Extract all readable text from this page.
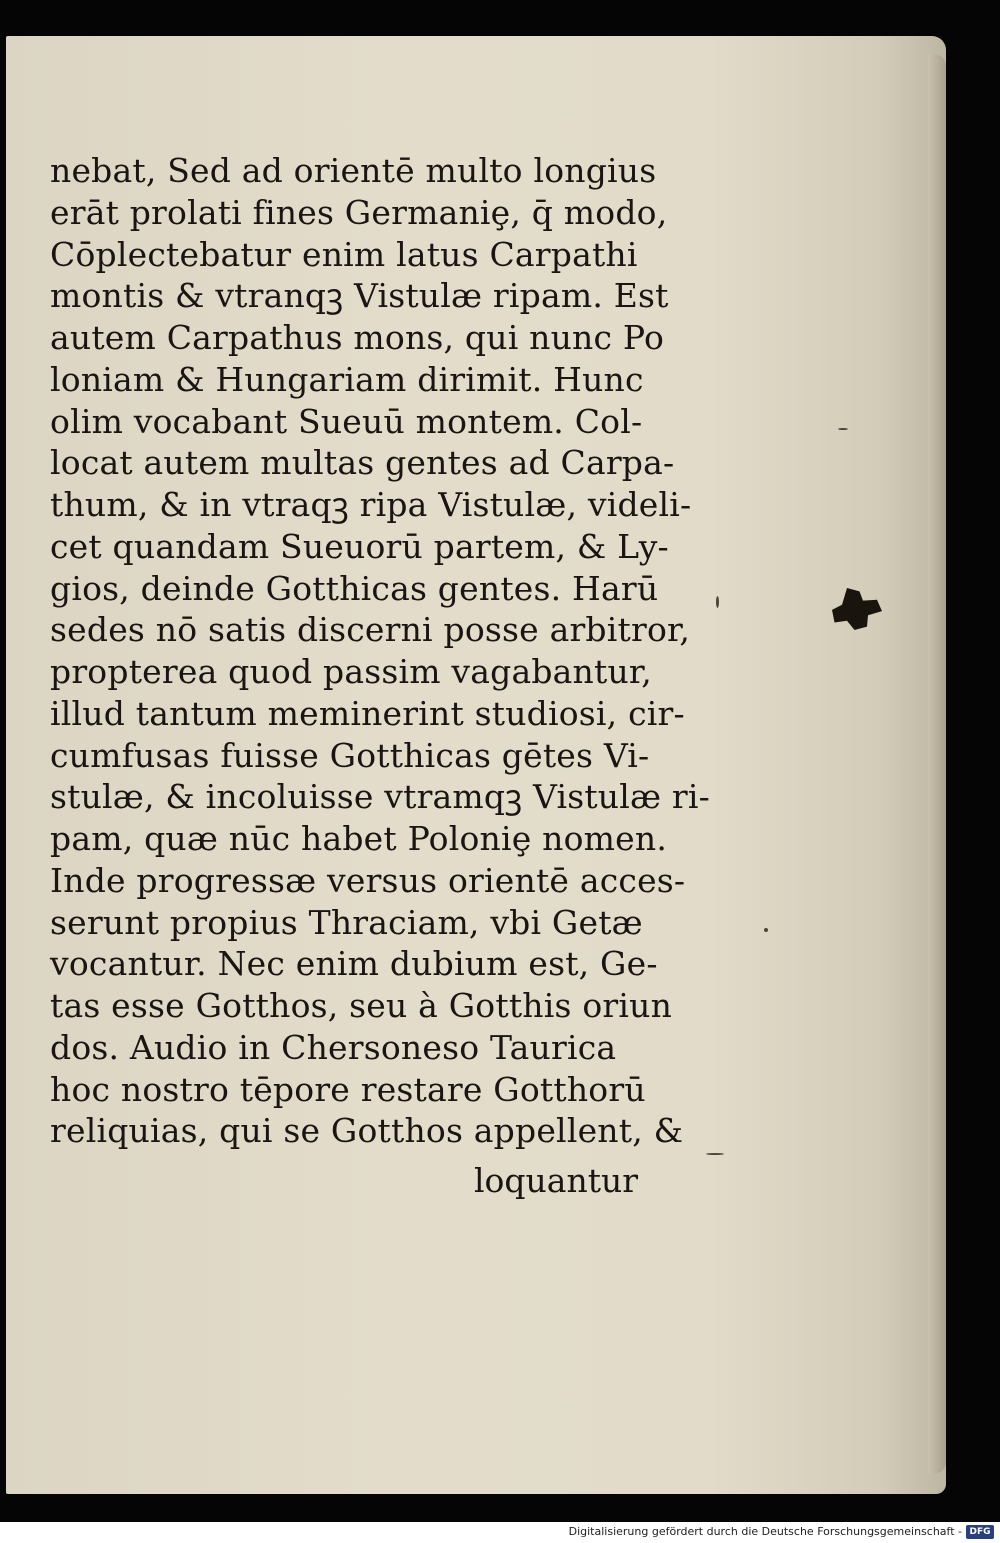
nebat, Sed ad orientē multo longius
erāt prolati fines Germaniȩ, q̄ modo,
Cōplectebatur enim latus Carpathi
montis & vtranqꝫ Vistulæ ripam. Est
autem Carpathus mons, qui nunc Po
loniam & Hungariam dirimit. Hunc
olim vocabant Sueuū montem. Col-
locat autem multas gentes ad Carpa-
thum, & in vtraqꝫ ripa Vistulæ, videli-
cet quandam Sueuorū partem, & Ly-
gios, deinde Gotthicas gentes. Harū
sedes nō satis discerni posse arbitror,
propterea quod passim vagabantur,
illud tantum meminerint studiosi, cir-
cumfusas fuisse Gotthicas gētes Vi-
stulæ, & incoluisse vtramqꝫ Vistulæ ri-
pam, quæ nūc habet Poloniȩ nomen.
Inde progressæ versus orientē acces-
serunt propius Thraciam, vbi Getæ
vocantur. Nec enim dubium est, Ge-
tas esse Gotthos, seu à Gotthis oriun
dos. Audio in Chersoneso Taurica
hoc nostro tēpore restare Gotthorū
reliquias, qui se Gotthos appellent, &
loquantur
Digitalisierung gefördert durch die Deutsche Forschungsgemeinschaft - DFG
